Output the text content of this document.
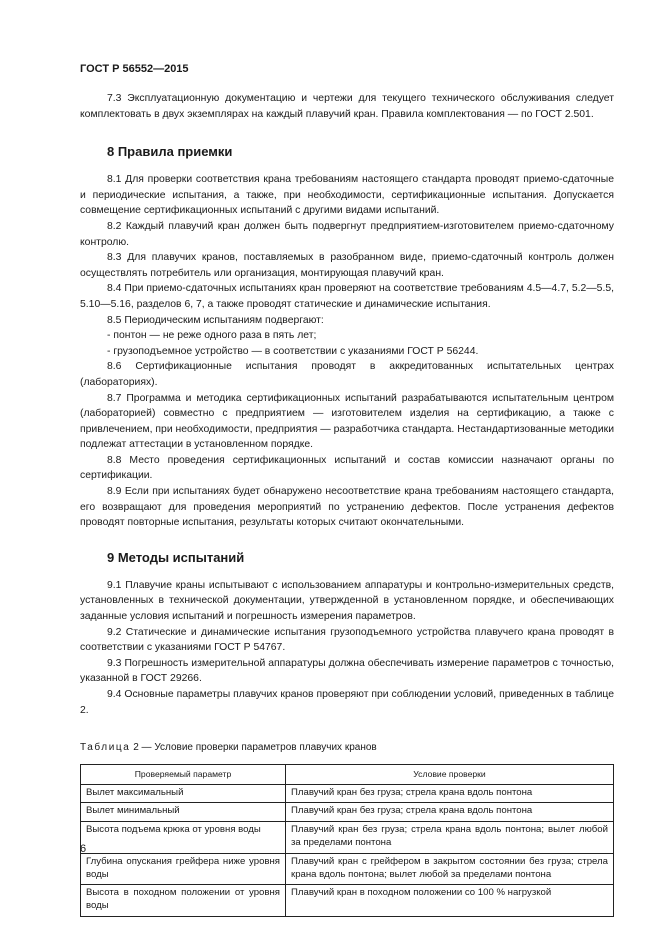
ГОСТ Р 56552—2015

7.3 Эксплуатационную документацию и чертежи для текущего технического обслуживания следует комплектовать в двух экземплярах на каждый плавучий кран. Правила комплектования — по ГОСТ 2.501.

8 Правила приемки

8.1 Для проверки соответствия крана требованиям настоящего стандарта проводят приемо-сдаточные и периодические испытания, а также, при необходимости, сертификационные испытания. Допускается совмещение сертификационных испытаний с другими видами испытаний.

8.2 Каждый плавучий кран должен быть подвергнут предприятием-изготовителем приемо-сдаточному контролю.

8.3 Для плавучих кранов, поставляемых в разобранном виде, приемо-сдаточный контроль должен осуществлять потребитель или организация, монтирующая плавучий кран.

8.4 При приемо-сдаточных испытаниях кран проверяют на соответствие требованиям 4.5—4.7, 5.2—5.5, 5.10—5.16, разделов 6, 7, а также проводят статические и динамические испытания.

8.5 Периодическим испытаниям подвергают:

- понтон — не реже одного раза в пять лет;

- грузоподъемное устройство — в соответствии с указаниями ГОСТ Р 56244.

8.6 Сертификационные испытания проводят в аккредитованных испытательных центрах (лабораториях).

8.7 Программа и методика сертификационных испытаний разрабатываются испытательным центром (лабораторией) совместно с предприятием — изготовителем изделия на сертификацию, а также с привлечением, при необходимости, предприятия — разработчика стандарта. Нестандартизованные методики подлежат аттестации в установленном порядке.

8.8 Место проведения сертификационных испытаний и состав комиссии назначают органы по сертификации.

8.9 Если при испытаниях будет обнаружено несоответствие крана требованиям настоящего стандарта, его возвращают для проведения мероприятий по устранению дефектов. После устранения дефектов проводят повторные испытания, результаты которых считают окончательными.

9 Методы испытаний

9.1 Плавучие краны испытывают с использованием аппаратуры и контрольно-измерительных средств, установленных в технической документации, утвержденной в установленном порядке, и обеспечивающих заданные условия испытаний и погрешность измерения параметров.

9.2 Статические и динамические испытания грузоподъемного устройства плавучего крана проводят в соответствии с указаниями ГОСТ Р 54767.

9.3 Погрешность измерительной аппаратуры должна обеспечивать измерение параметров с точностью, указанной в ГОСТ 29266.

9.4 Основные параметры плавучих кранов проверяют при соблюдении условий, приведенных в таблице 2.

Таблица 2 — Условие проверки параметров плавучих кранов

Проверяемый параметр	Условие проверки
Вылет максимальный	Плавучий кран без груза; стрела крана вдоль понтона
Вылет минимальный	Плавучий кран без груза; стрела крана вдоль понтона
Высота подъема крюка от уровня воды	Плавучий кран без груза; стрела крана вдоль понтона; вылет любой за пределами понтона
Глубина опускания грейфера ниже уровня воды	Плавучий кран с грейфером в закрытом состоянии без груза; стрела крана вдоль понтона; вылет любой за пределами понтона
Высота в походном положении от уровня воды	Плавучий кран в походном положении со 100 % нагрузкой
6
